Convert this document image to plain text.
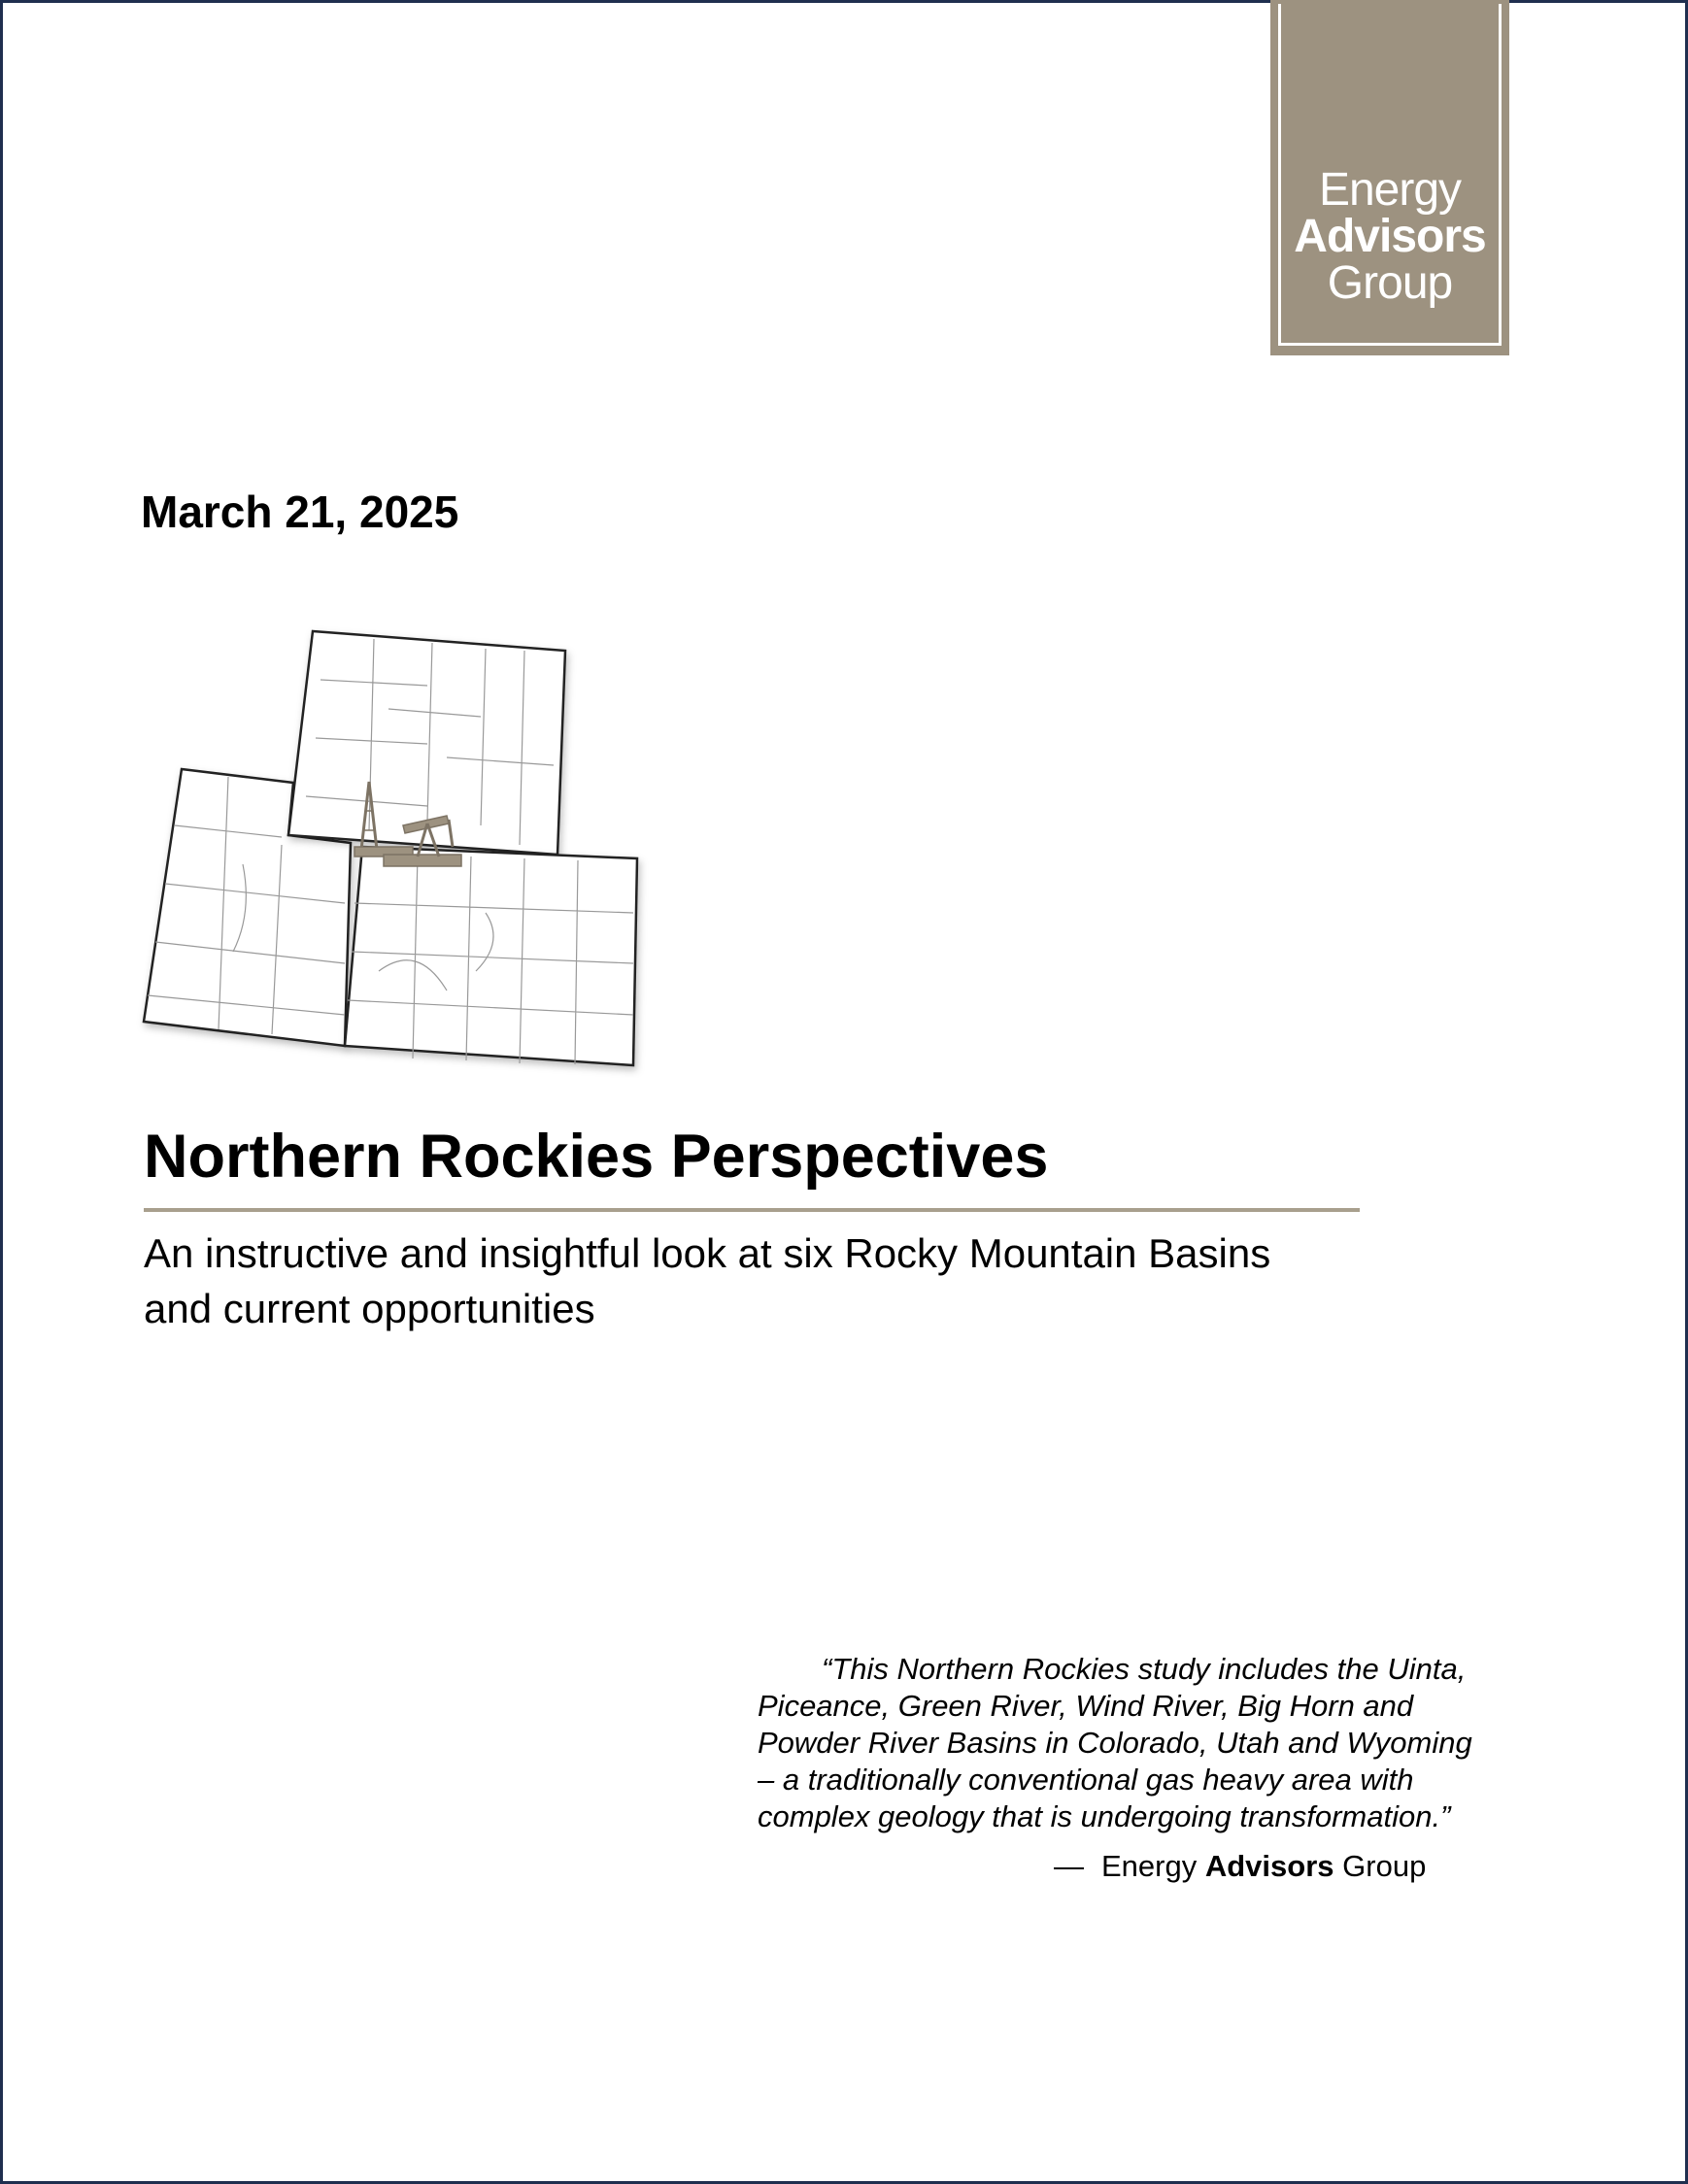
Energy
Advisors
Group
March 21, 2025
Northern Rockies Perspectives

An instructive and insightful look at six Rocky Mountain Basins
and current opportunities

“This Northern Rockies study includes the Uinta, Piceance, Green River, Wind River, Big Horn and Powder River Basins in Colorado, Utah and Wyoming – a traditionally conventional gas heavy area with complex geology that is undergoing transformation.”

— Energy Advisors Group
